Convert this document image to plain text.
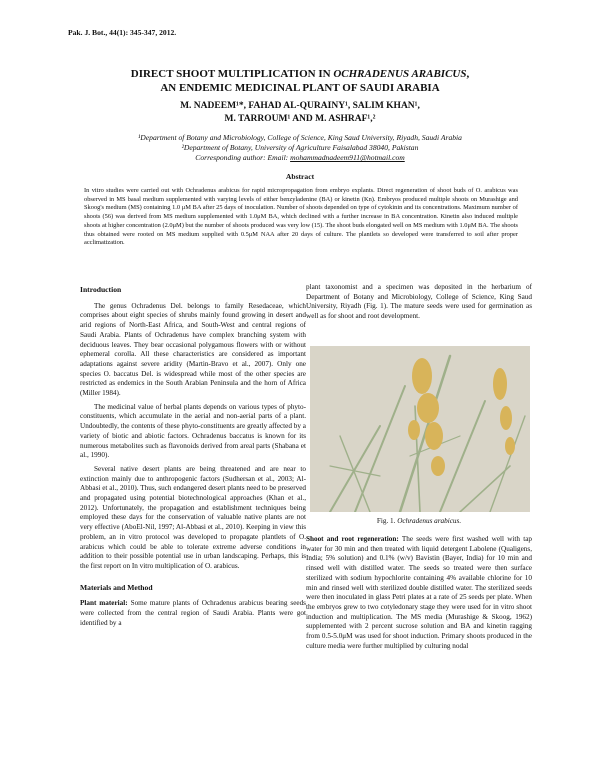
Pak. J. Bot., 44(1): 345-347, 2012.
DIRECT SHOOT MULTIPLICATION IN OCHRADENUS ARABICUS,
AN ENDEMIC MEDICINAL PLANT OF SAUDI ARABIA
M. NADEEM¹*, FAHAD AL-QURAINY¹, SALIM KHAN¹,
M. TARROUM¹ AND M. ASHRAF¹,²
¹Department of Botany and Microbiology, College of Science, King Saud University, Riyadh, Saudi Arabia
²Department of Botany, University of Agriculture Faisalabad 38040, Pakistan
Corresponding author: Email: mohammadnadeem911@hotmail.com
Abstract
In vitro studies were carried out with Ochradenus arabicus for rapid micropropagation from embryo explants. Direct regeneration of shoot buds of O. arabicus was observed in MS basal medium supplemented with varying levels of either benzyladenine (BA) or kinetin (Kn). Embryos produced multiple shoots on Murashige and Skoog's medium (MS) containing 1.0 μM BA after 25 days of inoculation. Number of shoots depended on type of cytokinin and its concentrations. Maximum number of shoots (56) was derived from MS medium supplemented with 1.0μM BA, which declined with a further increase in BA concentration. Kinetin also induced multiple shoots at higher concentration (2.0μM) but the number of shoots produced was very low (15). The shoot buds elongated well on MS medium with 1.0μM BA. The shoots thus obtained were rooted on MS medium supplied with 0.5μM NAA after 20 days of culture. The plantlets so developed were transferred to soil after proper acclimatization.
Introduction
The genus Ochradenus Del. belongs to family Resedaceae, which comprises about eight species of shrubs mainly found growing in desert and arid regions of North-East Africa, and South-West and central regions of Saudi Arabia. Plants of Ochradenus have complex branching system with deciduous leaves. They bear occasional polygamous flowers with or without ephemeral corolla. All these characteristics are considered as important adaptations against severe aridity (Martin-Bravo et al., 2007). Only one species O. baccatus Del. is widespread while most of the other species are restricted as endemics in the South Arabian Peninsula and the horn of Africa (Miller 1984).
The medicinal value of herbal plants depends on various types of phyto-constituents, which accumulate in the aerial and non-aerial parts of a plant. Undoubtedly, the contents of these phyto-constituents are greatly affected by a variety of biotic and abiotic factors. Ochradenus baccatus is known for its numerous metabolites such as flavonoids derived from areal parts (Shabana et al., 1990).
Several native desert plants are being threatened and are near to extinction mainly due to anthropogenic factors (Sudhersan et al., 2003; Al-Abbasi et al., 2010). Thus, such endangered desert plants need to be preserved and propagated using potential biotechnological approaches (Khan et al., 2012). Unfortunately, the propagation and establishment techniques being employed these days for the conservation of valuable native plants are not very effective (AboEl-Nil, 1997; Al-Abbasi et al., 2010). Keeping in view this problem, an in vitro protocol was developed to propagate plantlets of O. arabicus which could be able to tolerate extreme adverse conditions in addition to their possible potential use in urban landscaping. Perhaps, this is the first report on In vitro multiplication of O. arabicus.
Materials and Method
Plant material: Some mature plants of Ochradenus arabicus bearing seeds were collected from the central region of Saudi Arabia. Plants were got identified by a
plant taxonomist and a specimen was deposited in the herbarium of Department of Botany and Microbiology, College of Science, King Saud University, Riyadh (Fig. 1). The mature seeds were used for germination as well as for shoot and root development.
Fig. 1. Ochradenus arabicus.
Shoot and root regeneration: The seeds were first washed well with tap water for 30 min and then treated with liquid detergent Labolene (Qualigens, India; 5% solution) and 0.1% (w/v) Bavistin (Bayer, India) for 10 min and rinsed well with distilled water. The seeds so treated were then surface sterilized with sodium hypochlorite containing 4% available chlorine for 10 min and rinsed well with sterilized double distilled water. The sterilized seeds were then inoculated in glass Petri plates at a rate of 25 seeds per plate. When the embryos grew to two cotyledonary stage they were used for in vitro shoot induction and multiplication. The MS media (Murashige & Skoog, 1962) supplemented with 2 percent sucrose solution and BA and kinetin ragging from 0.5-5.0μM was used for shoot induction. Primary shoots produced in the culture media were further multiplied by culturing nodal
